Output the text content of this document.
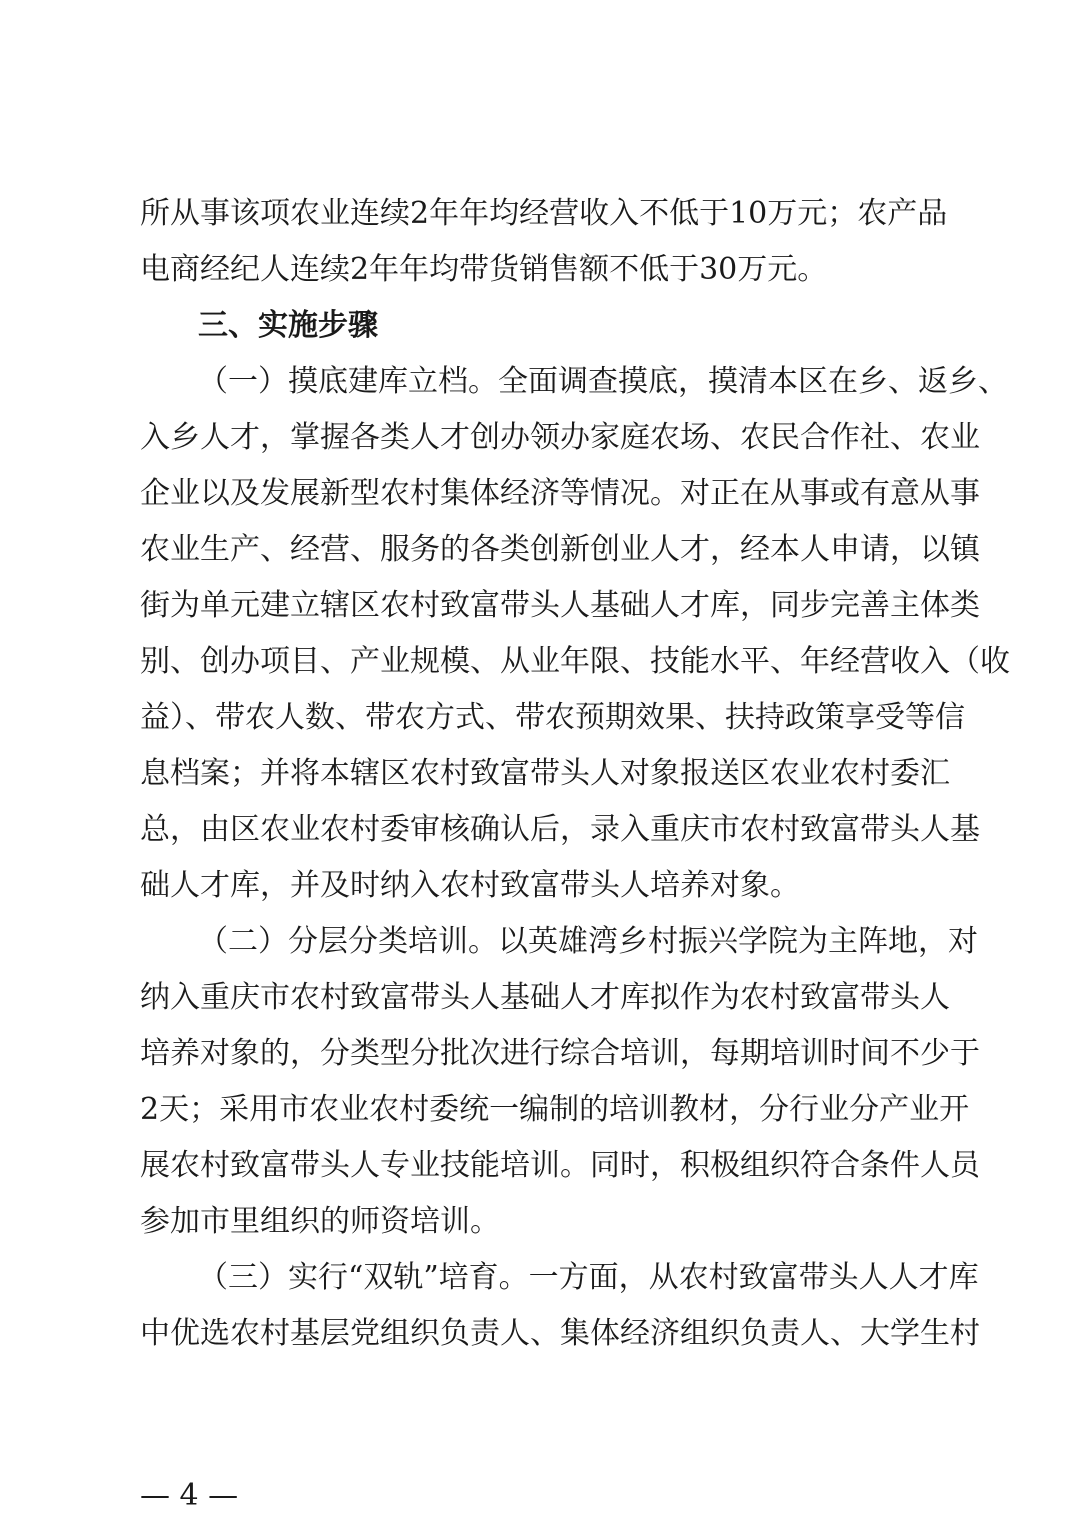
所从事该项农业连续2年年均经营收入不低于10万元；农产品
电商经纪人连续2年年均带货销售额不低于30万元。
三、实施步骤
（一）摸底建库立档。全面调查摸底，摸清本区在乡、返乡、
入乡人才，掌握各类人才创办领办家庭农场、农民合作社、农业
企业以及发展新型农村集体经济等情况。对正在从事或有意从事
农业生产、经营、服务的各类创新创业人才，经本人申请，以镇
街为单元建立辖区农村致富带头人基础人才库，同步完善主体类
别、创办项目、产业规模、从业年限、技能水平、年经营收入（收
益）、带农人数、带农方式、带农预期效果、扶持政策享受等信
息档案；并将本辖区农村致富带头人对象报送区农业农村委汇
总，由区农业农村委审核确认后，录入重庆市农村致富带头人基
础人才库，并及时纳入农村致富带头人培养对象。
（二）分层分类培训。以英雄湾乡村振兴学院为主阵地，对
纳入重庆市农村致富带头人基础人才库拟作为农村致富带头人
培养对象的，分类型分批次进行综合培训，每期培训时间不少于
2天；采用市农业农村委统一编制的培训教材，分行业分产业开
展农村致富带头人专业技能培训。同时，积极组织符合条件人员
参加市里组织的师资培训。
（三）实行“双轨”培育。一方面，从农村致富带头人人才库
中优选农村基层党组织负责人、集体经济组织负责人、大学生村
— 4 —
